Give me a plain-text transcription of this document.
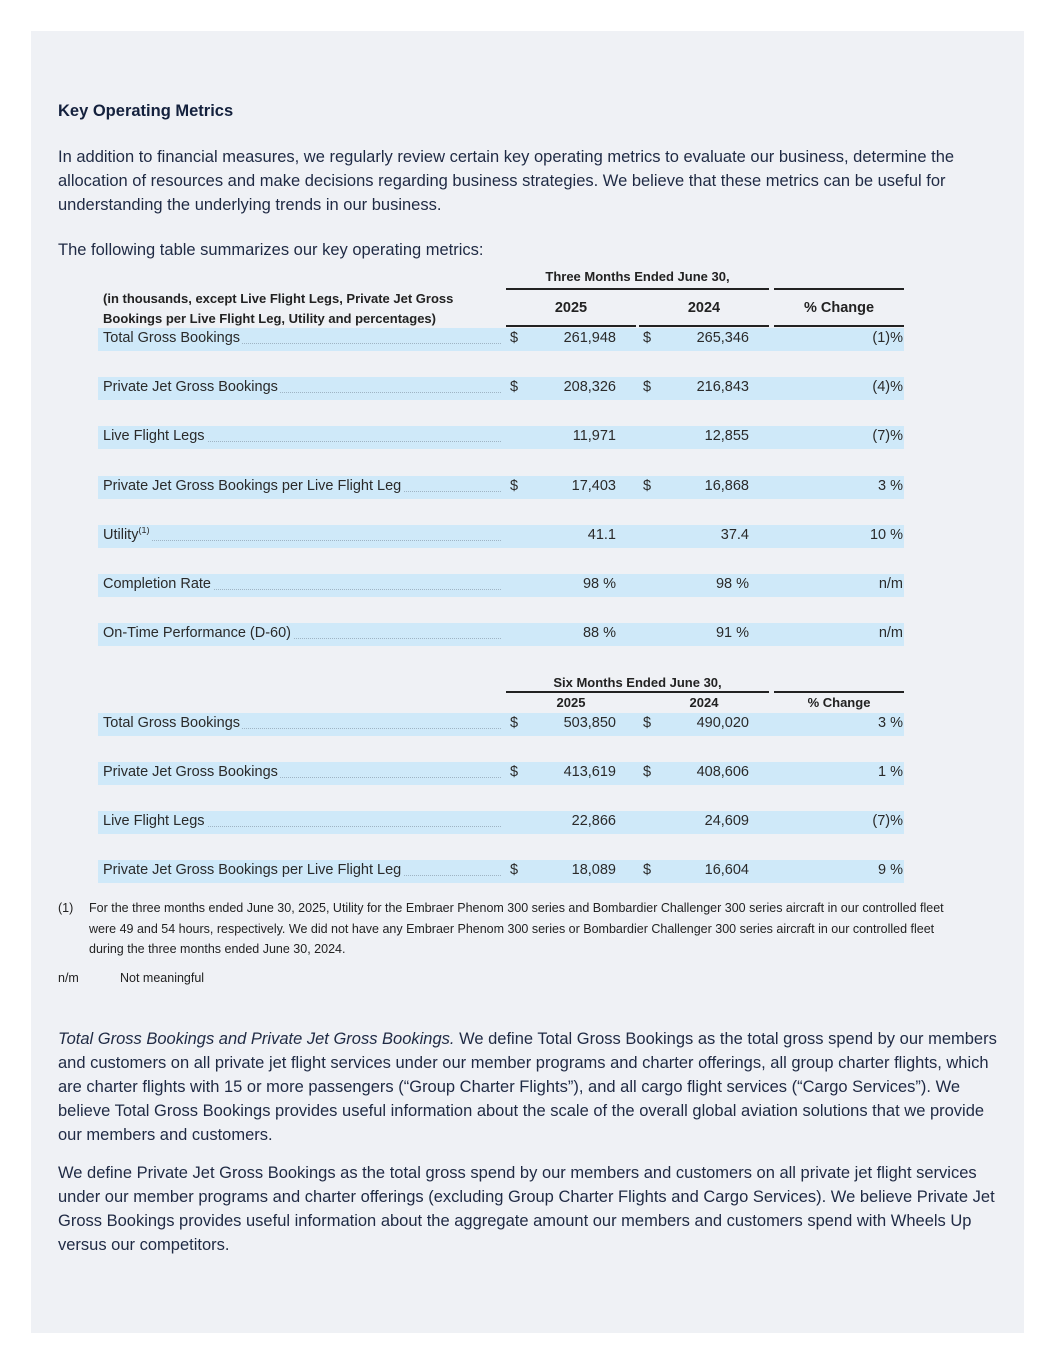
Key Operating Metrics
In addition to financial measures, we regularly review certain key operating metrics to evaluate our business, determine the allocation of resources and make decisions regarding business strategies. We believe that these metrics can be useful for understanding the underlying trends in our business.
The following table summarizes our key operating metrics:
Three Months Ended June 30,
(in thousands, except Live Flight Legs, Private Jet Gross Bookings per Live Flight Leg, Utility and percentages)
2025	2024	% Change
Total Gross Bookings	$	261,948 $	265,346	(1)%
Private Jet Gross Bookings	$	208,326 $	216,843	(4)%
Live Flight Legs	11,971	12,855	(7)%
Private Jet Gross Bookings per Live Flight Leg	$	17,403 $	16,868	3 %
Utility$^{(1)}$	41.1	37.4	10 %
Completion Rate	98 %	98 %	n/m
On-Time Performance (D-60)	88 %	91 %	n/m
Six Months Ended June 30,
2025	2024	% Change
Total Gross Bookings	$	503,850 $	490,020	3 %
Private Jet Gross Bookings	$	413,619 $	408,606	1 %
Live Flight Legs	22,866	24,609	(7)%
Private Jet Gross Bookings per Live Flight Leg	$	18,089 $	16,604	9 %
(1) For the three months ended June 30, 2025, Utility for the Embraer Phenom 300 series and Bombardier Challenger 300 series aircraft in our controlled fleet were 49 and 54 hours, respectively. We did not have any Embraer Phenom 300 series or Bombardier Challenger 300 series aircraft in our controlled fleet during the three months ended June 30, 2024.
n/m	Not meaningful
Total Gross Bookings and Private Jet Gross Bookings. We define Total Gross Bookings as the total gross spend by our members and customers on all private jet flight services under our member programs and charter offerings, all group charter flights, which are charter flights with 15 or more passengers (“Group Charter Flights”), and all cargo flight services (“Cargo Services”). We believe Total Gross Bookings provides useful information about the scale of the overall global aviation solutions that we provide our members and customers.
We define Private Jet Gross Bookings as the total gross spend by our members and customers on all private jet flight services under our member programs and charter offerings (excluding Group Charter Flights and Cargo Services). We believe Private Jet Gross Bookings provides useful information about the aggregate amount our members and customers spend with Wheels Up versus our competitors.
